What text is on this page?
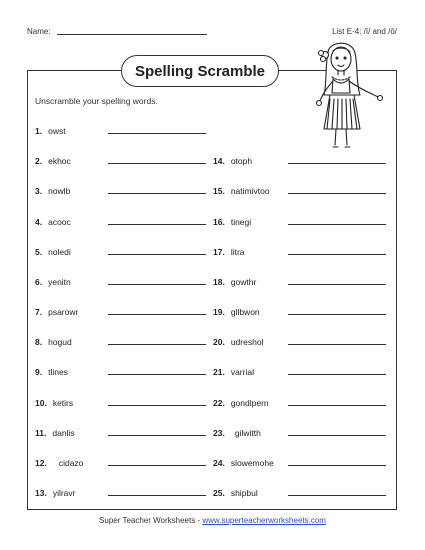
Name:	List E-4: /ī/ and /ō/
Spelling Scramble
Unscramble your spelling words.
1. owst
2. ekhoc
3. nowlb
4. acooc
5. noledi
6. yenitn
7. psarowr
8. hogud
9. tlines
10. ketirs
11. danlis
12. cidazo
13. yilravr
14. otoph
15. natimivtoo
16. tinegi
17. litra
18. gowthr
19. gllbwon
20. udreshol
21. varrial
22. gondlpern
23. gilwitth
24. slowemohe
25. shipbul
Super Teacher Worksheets - www.superteacherworksheets.com
